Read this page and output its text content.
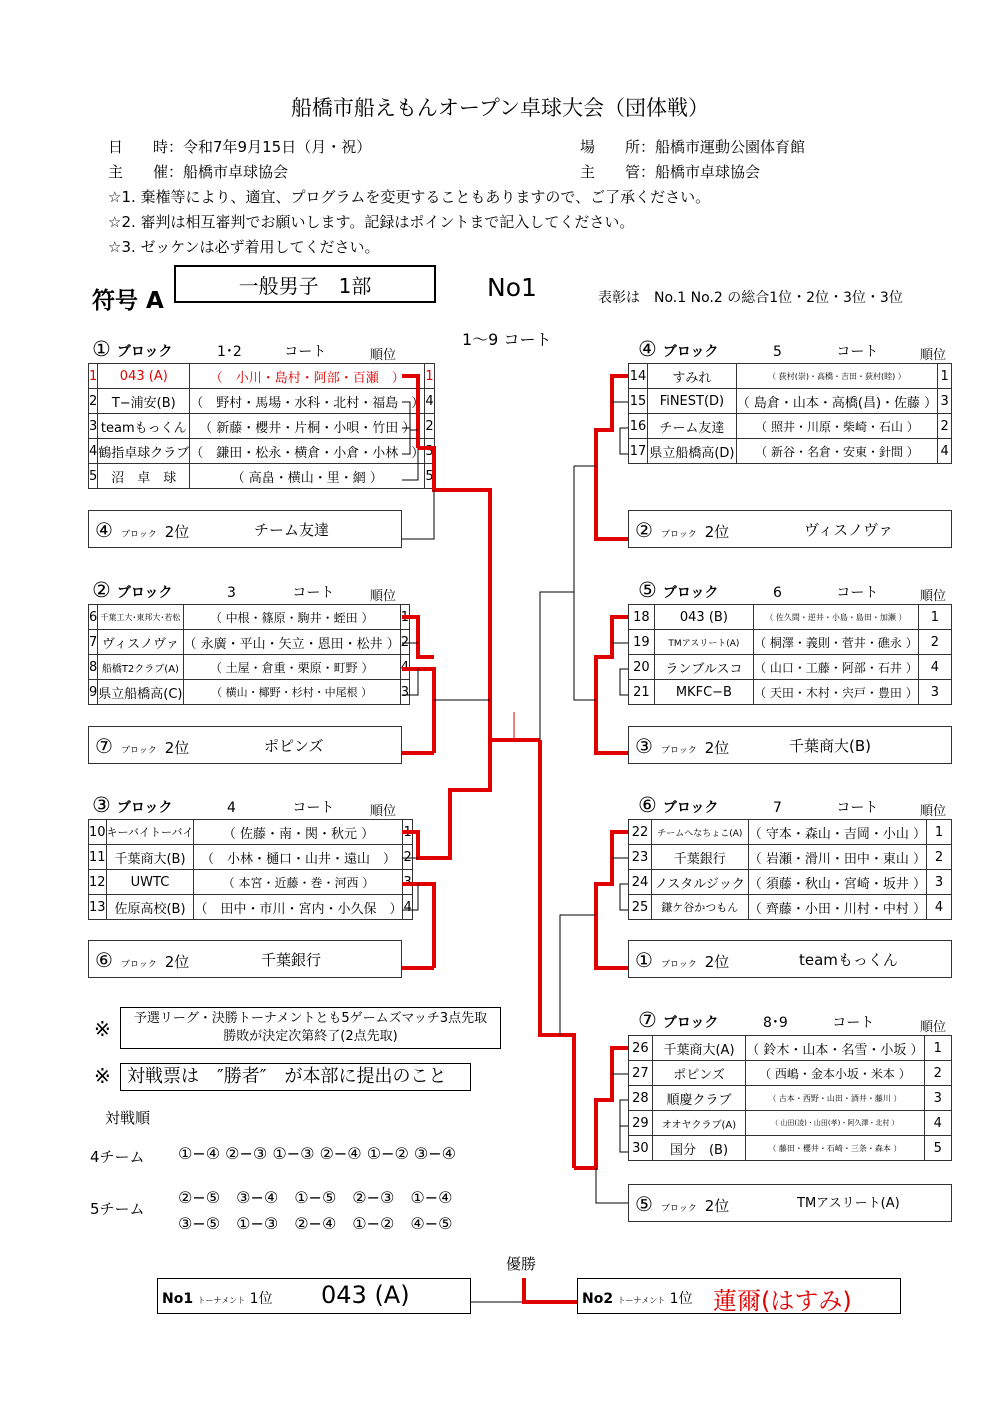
船橋市船えもんオープン卓球大会（団体戦）
日　　時：令和7年9月15日（月・祝）	場　　所：船橋市運動公園体育館
主　　催：船橋市卓球協会	主　　管：船橋市卓球協会
☆1. 棄権等により、適宜、プログラムを変更することもありますので、ご了承ください。
☆2. 審判は相互審判でお願いします。記録はポイントまで記入してください。
☆3. ゼッケンは必ず着用してください。
符号 A
一般男子　1部	No1	表彰は　No.1 No.2 の総合1位・2位・3位・3位
1～9 コート
① ブロック	1･2	コート	順位
② ブロック	3	コート	順位
③ ブロック	4	コート	順位
④ ブロック	5	コート	順位
⑤ ブロック	6	コート	順位
⑥ ブロック	7	コート	順位
⑦ ブロック	8･9	コート	順位
1	043 (A)	（　小川・島村・阿部・百瀬　）	1
2	T−浦安(B)	（　野村・馬場・水科・北村・福島　）	4
3	teamもっくん	（ 新藤・櫻井・片桐・小唄・竹田 ）	2
4	鶴指卓球クラブ	（　鎌田・松永・横倉・小倉・小林　）	3
5	沼　卓　球	（ 高畠・横山・里・網 ）	5
6	千葉工大･東邦大･若松	（ 中根・篠原・駒井・蛭田 ）	1
7	ヴィスノヴァ	（ 永廣・平山・矢立・恩田・松井 ）	2
8	船橋T2クラブ(A)	（ 土屋・倉重・栗原・町野 ）	4
9	県立船橋高(C)	（ 横山・椰野・杉村・中尾根 ）	3
10	キーバイトーバイ	（ 佐藤・南・関・秋元 ）	1
11	千葉商大(B)	（　小林・樋口・山井・遠山　）	2
12	UWTC	（ 本宮・近藤・巻・河西 ）	3
13	佐原高校(B)	（　田中・市川・宮内・小久保　）	4
14	すみれ	（ 荻村(崇)・高橋・吉田・荻村(睦) ）	1
15	FiNEST(D)	（ 島倉・山本・高橋(昌)・佐藤 ）	3
16	チーム友達	（ 照井・川原・柴崎・石山 ）	2
17	県立船橋高(D)	（ 新谷・名倉・安東・針間 ）	4
18	043 (B)	（ 佐久間・逆井・小島・島田・加瀬 ）	1
19	TMアスリート(A)	（ 桐澤・義則・菅井・礁永 ）	2
20	ランブルスコ	（ 山口・工藤・阿部・石井 ）	4
21	MKFC−B	（ 天田・木村・宍戸・豊田 ）	3
22	チームへなちょこ(A)	（ 守本・森山・吉岡・小山 ）	1
23	千葉銀行	（ 岩瀬・滑川・田中・東山 ）	2
24	ノスタルジック	（ 須藤・秋山・宮崎・坂井 ）	3
25	鎌ケ谷かつもん	（ 齊藤・小田・川村・中村 ）	4
26	千葉商大(A)	（ 鈴木・山本・名雪・小坂 ）	1
27	ポピンズ	（ 西嶋・金本小坂・米本 ）	2
28	順慶クラブ	（ 古本・西野・山田・酒井・藤川 ）	3
29	オオヤクラブ(A)	（ 山田(凌)・山田(孝)・阿久澤・北村 ）	4
30	国分　(B)	（ 藤田・櫻井・石崎・三条・森本 ）	5
④ ブロック 2位	チーム友達
⑦ ブロック 2位	ポピンズ
⑥ ブロック 2位	千葉銀行
② ブロック 2位	ヴィスノヴァ
③ ブロック 2位	千葉商大(B)
① ブロック 2位	teamもっくん
⑤ ブロック 2位	TMアスリート(A)
※	予選リーグ・決勝トーナメントとも5ゲームズマッチ3点先取
勝敗が決定次第終了(2点先取)
※ 対戦票は　″勝者″　が本部に提出のこと
対戦順
4チーム ①−④ ②−③ ①−③ ②−④ ①−② ③−④
5チーム
②−⑤　③−④　①−⑤　②−③　①−④
③−⑤　①−③　②−④　①−②　④−⑤
優勝
No1 トーナメント 1位 043 (A)	No2 トーナメント 1位 蓮爾(はすみ)
